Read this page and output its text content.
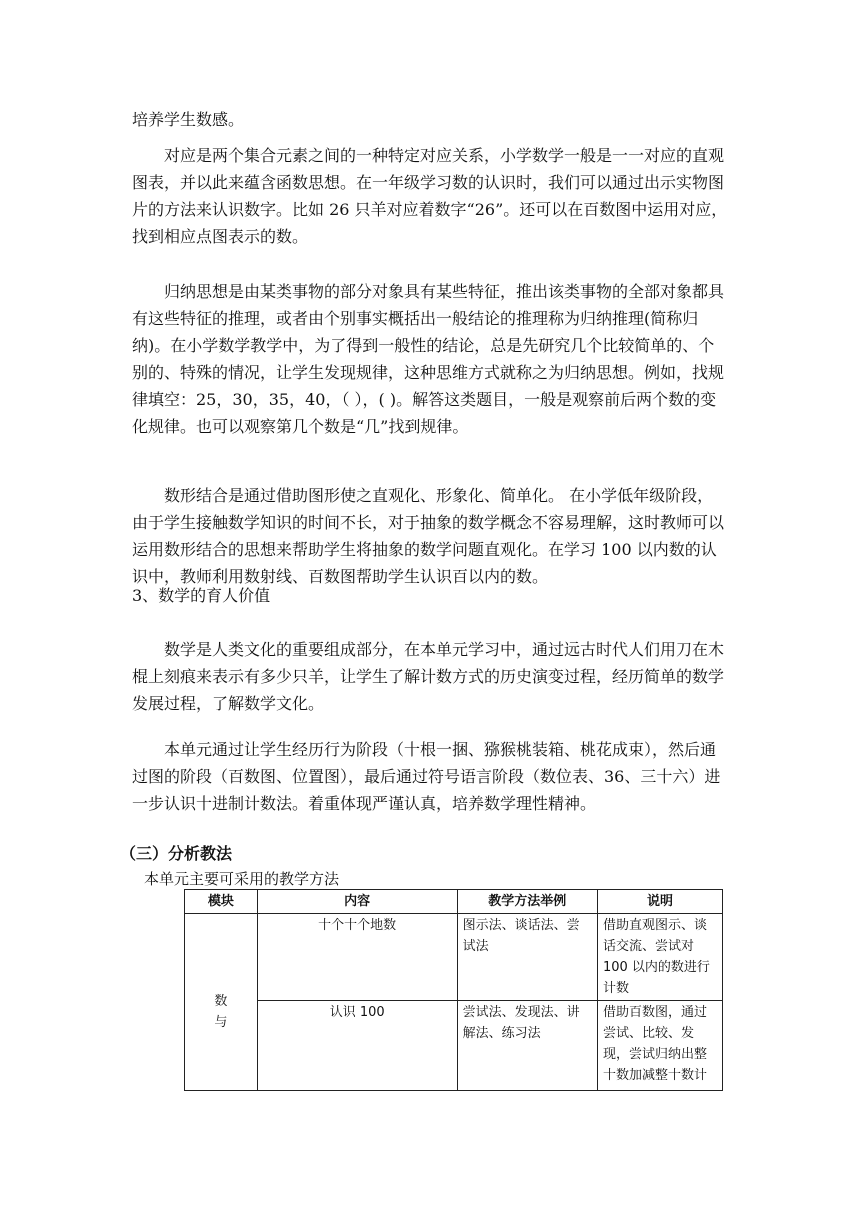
培养学生数感。

对应是两个集合元素之间的一种特定对应关系，小学数学一般是一一对应的直观图表，并以此来蕴含函数思想。在一年级学习数的认识时，我们可以通过出示实物图片的方法来认识数字。比如 26 只羊对应着数字“26”。还可以在百数图中运用对应，找到相应点图表示的数。

归纳思想是由某类事物的部分对象具有某些特征，推出该类事物的全部对象都具有这些特征的推理，或者由个别事实概括出一般结论的推理称为归纳推理(简称归纳)。在小学数学教学中，为了得到一般性的结论，总是先研究几个比较简单的、个别的、特殊的情况，让学生发现规律，这种思维方式就称之为归纳思想。例如，找规律填空：25，30，35，40，（ ），( )。解答这类题目，一般是观察前后两个数的变化规律。也可以观察第几个数是“几”找到规律。

数形结合是通过借助图形使之直观化、形象化、简单化。 在小学低年级阶段，由于学生接触数学知识的时间不长，对于抽象的数学概念不容易理解，这时教师可以运用数形结合的思想来帮助学生将抽象的数学问题直观化。在学习 100 以内数的认识中，教师利用数射线、百数图帮助学生认识百以内的数。

3、数学的育人价值

数学是人类文化的重要组成部分，在本单元学习中，通过远古时代人们用刀在木棍上刻痕来表示有多少只羊，让学生了解计数方式的历史演变过程，经历简单的数学发展过程，了解数学文化。

本单元通过让学生经历行为阶段（十根一捆、猕猴桃装箱、桃花成束），然后通过图的阶段（百数图、位置图），最后通过符号语言阶段（数位表、36、三十六）进一步认识十进制计数法。着重体现严谨认真，培养数学理性精神。

（三）分析教法

本单元主要可采用的教学方法

模块	内容	教学方法举例	说明
数
与	十个十个地数	图示法、谈话法、尝试法	借助直观图示、谈话交流、尝试对 100 以内的数进行计数
	认识 100	尝试法、发现法、讲解法、练习法	借助百数图，通过尝试、比较、发现，尝试归纳出整十数加减整十数计
